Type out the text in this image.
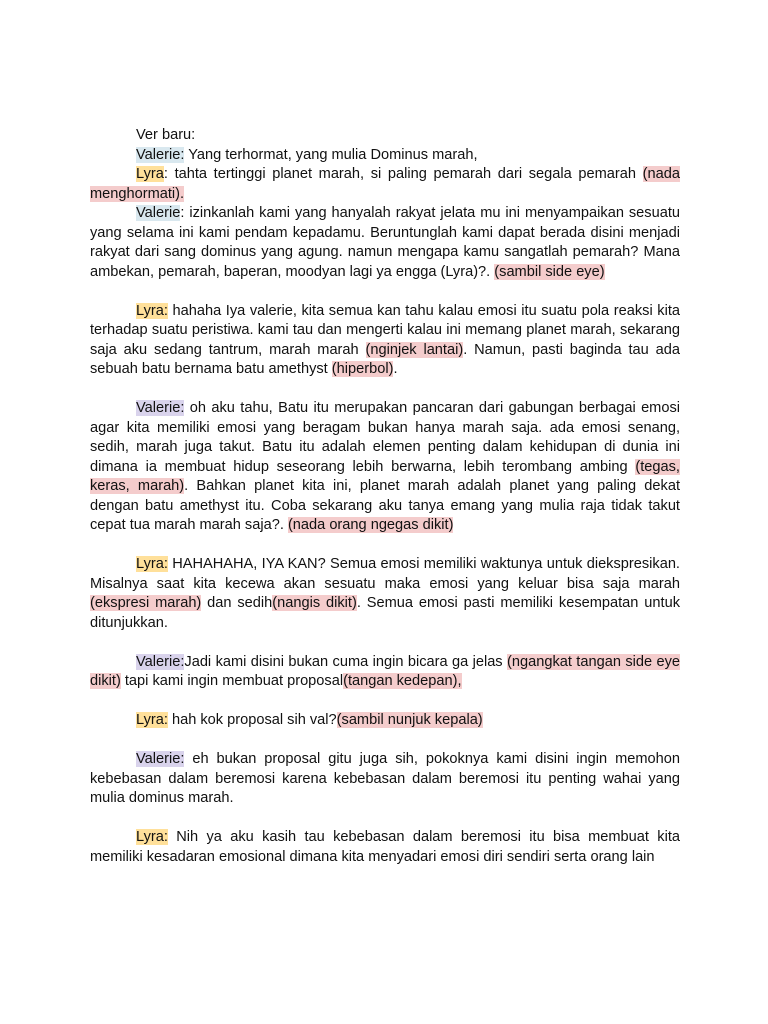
Ver baru:
Valerie: Yang terhormat, yang mulia Dominus marah,
Lyra: tahta tertinggi planet marah, si paling pemarah dari segala pemarah (nada menghormati).
Valerie: izinkanlah kami yang hanyalah rakyat jelata mu ini menyampaikan sesuatu yang selama ini kami pendam kepadamu. Beruntunglah kami dapat berada disini menjadi rakyat dari sang dominus yang agung. namun mengapa kamu sangatlah pemarah? Mana ambekan, pemarah, baperan, moodyan lagi ya engga (Lyra)?. (sambil side eye)
Lyra: hahaha Iya valerie, kita semua kan tahu kalau emosi itu suatu pola reaksi kita terhadap suatu peristiwa. kami tau dan mengerti kalau ini memang planet marah, sekarang saja aku sedang tantrum, marah marah (nginjek lantai). Namun, pasti baginda tau ada sebuah batu bernama batu amethyst (hiperbol).
Valerie: oh aku tahu, Batu itu merupakan pancaran dari gabungan berbagai emosi agar kita memiliki emosi yang beragam bukan hanya marah saja. ada emosi senang, sedih, marah juga takut. Batu itu adalah elemen penting dalam kehidupan di dunia ini dimana ia membuat hidup seseorang lebih berwarna, lebih terombang ambing (tegas, keras, marah). Bahkan planet kita ini, planet marah adalah planet yang paling dekat dengan batu amethyst itu. Coba sekarang aku tanya emang yang mulia raja tidak takut cepat tua marah marah saja?. (nada orang ngegas dikit)
Lyra: HAHAHAHA, IYA KAN? Semua emosi memiliki waktunya untuk diekspresikan. Misalnya saat kita kecewa akan sesuatu maka emosi yang keluar bisa saja marah (ekspresi marah) dan sedih(nangis dikit). Semua emosi pasti memiliki kesempatan untuk ditunjukkan.
Valerie:Jadi kami disini bukan cuma ingin bicara ga jelas (ngangkat tangan side eye dikit) tapi kami ingin membuat proposal(tangan kedepan),
Lyra: hah kok proposal sih val?(sambil nunjuk kepala)
Valerie: eh bukan proposal gitu juga sih, pokoknya kami disini ingin memohon kebebasan dalam beremosi karena kebebasan dalam beremosi itu penting wahai yang mulia dominus marah.
Lyra: Nih ya aku kasih tau kebebasan dalam beremosi itu bisa membuat kita memiliki kesadaran emosional dimana kita menyadari emosi diri sendiri serta orang lain
